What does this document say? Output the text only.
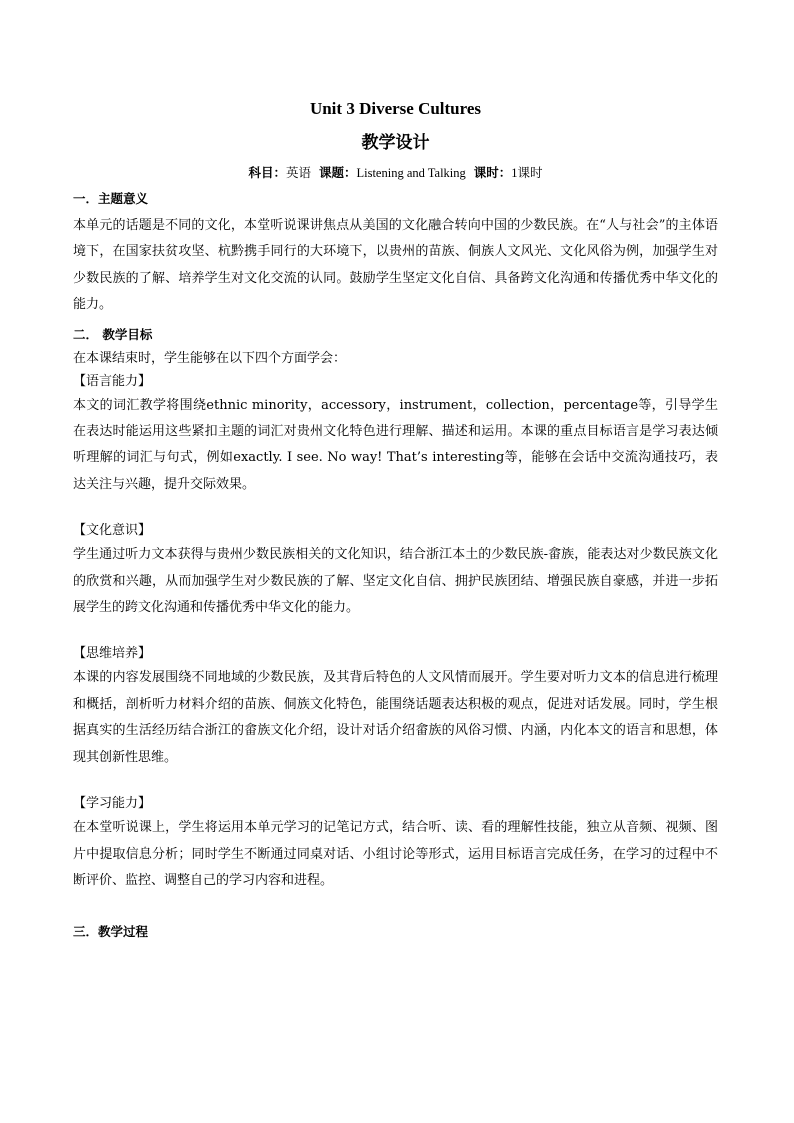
Unit 3 Diverse Cultures
教学设计
科目：英语 课题：Listening and Talking 课时：1课时
一．主题意义

本单元的话题是不同的文化，本堂听说课讲焦点从美国的文化融合转向中国的少数民族。在“人与社会”的主体语境下，在国家扶贫攻坚、杭黔携手同行的大环境下，以贵州的苗族、侗族人文风光、文化风俗为例，加强学生对少数民族的了解、培养学生对文化交流的认同。鼓励学生坚定文化自信、具备跨文化沟通和传播优秀中华文化的能力。

二． 教学目标
在本课结束时，学生能够在以下四个方面学会：
【语言能力】

本文的词汇教学将围绕ethnic minority，accessory，instrument，collection，percentage等，引导学生在表达时能运用这些紧扣主题的词汇对贵州文化特色进行理解、描述和运用。本课的重点目标语言是学习表达倾听理解的词汇与句式，例如exactly. I see. No way! That’s interesting等，能够在会话中交流沟通技巧，表达关注与兴趣，提升交际效果。

【文化意识】

学生通过听力文本获得与贵州少数民族相关的文化知识，结合浙江本土的少数民族-畲族，能表达对少数民族文化的欣赏和兴趣，从而加强学生对少数民族的了解、坚定文化自信、拥护民族团结、增强民族自豪感，并进一步拓展学生的跨文化沟通和传播优秀中华文化的能力。

【思维培养】

本课的内容发展围绕不同地域的少数民族，及其背后特色的人文风情而展开。学生要对听力文本的信息进行梳理和概括，剖析听力材料介绍的苗族、侗族文化特色，能围绕话题表达积极的观点，促进对话发展。同时，学生根据真实的生活经历结合浙江的畲族文化介绍，设计对话介绍畲族的风俗习惯、内涵，内化本文的语言和思想，体现其创新性思维。

【学习能力】

在本堂听说课上，学生将运用本单元学习的记笔记方式，结合听、读、看的理解性技能，独立从音频、视频、图片中提取信息分析；同时学生不断通过同桌对话、小组讨论等形式，运用目标语言完成任务，在学习的过程中不断评价、监控、调整自己的学习内容和进程。

三．教学过程
